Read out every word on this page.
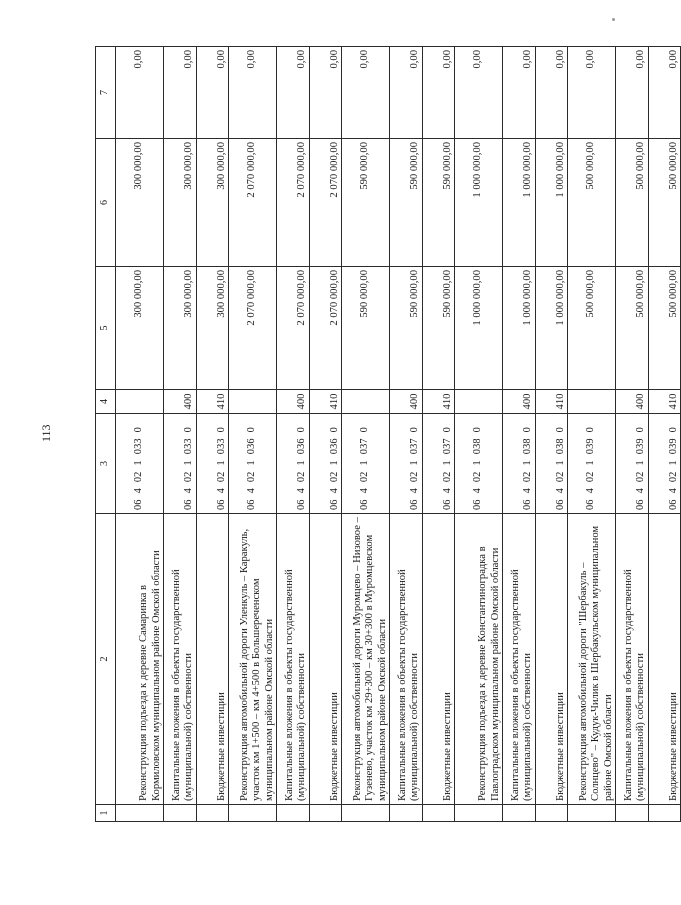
113
1	2	3	4	5	6	7
	Реконструкция подъезда к деревне Самаринка в Кормиловском муниципальном районе Омской области	0640210330		300 000,00	300 000,00	0,00
	Капитальные вложения в объекты государственной (муниципальной) собственности	0640210330	400	300 000,00	300 000,00	0,00
	Бюджетные инвестиции	0640210330	410	300 000,00	300 000,00	0,00
	Реконструкция автомобильной дороги Уленкуль – Каракуль, участок км 1+500 – км 4+500 в Большереченском муниципальном районе Омской области	0640210360		2 070 000,00	2 070 000,00	0,00
	Капитальные вложения в объекты государственной (муниципальной) собственности	0640210360	400	2 070 000,00	2 070 000,00	0,00
	Бюджетные инвестиции	0640210360	410	2 070 000,00	2 070 000,00	0,00
	Реконструкция автомобильной дороги Муромцево – Низовое – Гузенево, участок км 29+300 – км 30+300 в Муромцевском муниципальном районе Омской области	0640210370		590 000,00	590 000,00	0,00
	Капитальные вложения в объекты государственной (муниципальной) собственности	0640210370	400	590 000,00	590 000,00	0,00
	Бюджетные инвестиции	0640210370	410	590 000,00	590 000,00	0,00
	Реконструкция подъезда к деревне Константиноградка в Павлоградском муниципальном районе Омской области	0640210380		1 000 000,00	1 000 000,00	0,00
	Капитальные вложения в объекты государственной (муниципальной) собственности	0640210380	400	1 000 000,00	1 000 000,00	0,00
	Бюджетные инвестиции	0640210380	410	1 000 000,00	1 000 000,00	0,00
	Реконструкция автомобильной дороги "Шербакуль – Солнцево" – Кудук-Чилик в Шербакульском муниципальном районе Омской области	0640210390		500 000,00	500 000,00	0,00
	Капитальные вложения в объекты государственной (муниципальной) собственности	0640210390	400	500 000,00	500 000,00	0,00
	Бюджетные инвестиции	0640210390	410	500 000,00	500 000,00	0,00
